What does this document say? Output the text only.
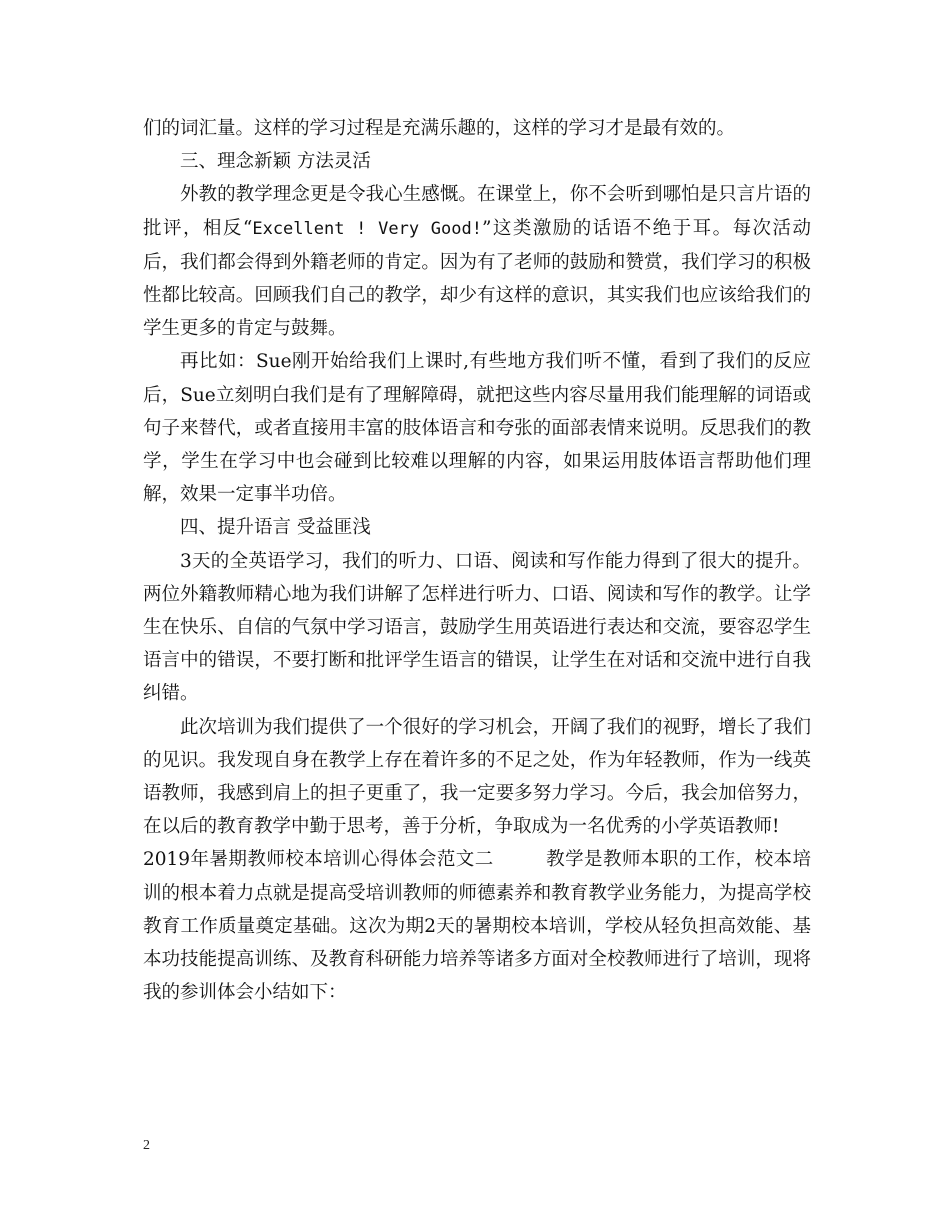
们的词汇量。这样的学习过程是充满乐趣的，这样的学习才是最有效的。

三、理念新颖 方法灵活

外教的教学理念更是令我心生感慨。在课堂上，你不会听到哪怕是只言片语的批评，相反“Excellent ! Very Good!”这类激励的话语不绝于耳。每次活动后，我们都会得到外籍老师的肯定。因为有了老师的鼓励和赞赏，我们学习的积极性都比较高。回顾我们自己的教学，却少有这样的意识，其实我们也应该给我们的学生更多的肯定与鼓舞。

再比如：Sue刚开始给我们上课时,有些地方我们听不懂，看到了我们的反应后，Sue立刻明白我们是有了理解障碍，就把这些内容尽量用我们能理解的词语或句子来替代，或者直接用丰富的肢体语言和夸张的面部表情来说明。反思我们的教学，学生在学习中也会碰到比较难以理解的内容，如果运用肢体语言帮助他们理解，效果一定事半功倍。

四、提升语言 受益匪浅

3天的全英语学习，我们的听力、口语、阅读和写作能力得到了很大的提升。两位外籍教师精心地为我们讲解了怎样进行听力、口语、阅读和写作的教学。让学生在快乐、自信的气氛中学习语言，鼓励学生用英语进行表达和交流，要容忍学生语言中的错误，不要打断和批评学生语言的错误，让学生在对话和交流中进行自我纠错。

此次培训为我们提供了一个很好的学习机会，开阔了我们的视野，增长了我们的见识。我发现自身在教学上存在着许多的不足之处，作为年轻教师，作为一线英语教师，我感到肩上的担子更重了，我一定要多努力学习。今后，我会加倍努力，在以后的教育教学中勤于思考，善于分析，争取成为一名优秀的小学英语教师!

2019年暑期教师校本培训心得体会范文二	教学是教师本职的工作，校本培训的根本着力点就是提高受培训教师的师德素养和教育教学业务能力，为提高学校教育工作质量奠定基础。这次为期2天的暑期校本培训，学校从轻负担高效能、基本功技能提高训练、及教育科研能力培养等诸多方面对全校教师进行了培训，现将我的参训体会小结如下：

2
